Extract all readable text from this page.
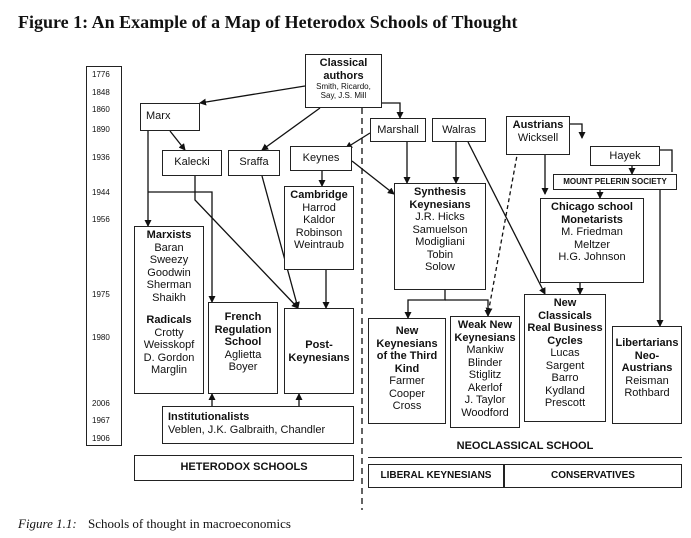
Figure 1: An Example of a Map of Heterodox Schools of Thought
1776
1848
1860
1890
1936
1944
1956
1975
1980
2006
1967
1906
Classical authors
Smith, Ricardo,
Say, J.S. Mill
Marx
Kalecki	Sraffa	Keynes
Marshall	Walras	Austrians
Wicksell
Hayek
MOUNT PELERIN SOCIETY
Cambridge
Harrod
Kaldor
Robinson
Weintraub
Synthesis Keynesians
J.R. Hicks
Samuelson
Modigliani
Tobin
Solow
Chicago school
Monetarists
M. Friedman
Meltzer
H.G. Johnson
Marxists
Baran
Sweezy
Goodwin
Sherman
Shaikh
Radicals
Crotty
Weisskopf
D. Gordon
Marglin
French Regulation School
Aglietta
Boyer
Post-Keynesians
New Keynesians of the Third Kind
Farmer
Cooper
Cross
Weak New Keynesians
Mankiw
Blinder
Stiglitz
Akerlof
J. Taylor
Woodford
New Classicals Real Business Cycles
Lucas
Sargent
Barro
Kydland
Prescott
Libertarians Neo-Austrians
Reisman
Rothbard
Institutionalists
Veblen, J.K. Galbraith, Chandler
HETERODOX SCHOOLS
NEOCLASSICAL SCHOOL
LIBERAL KEYNESIANS	CONSERVATIVES
Figure 1.1: Schools of thought in macroeconomics
